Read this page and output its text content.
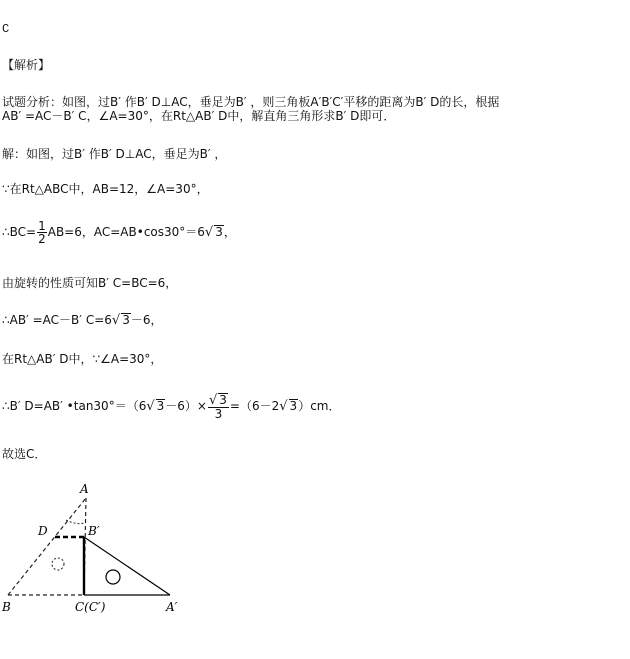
C
【解析】
试题分析：如图，过B′ 作B′ D⊥AC，垂足为B′ ，则三角板A′B′C′平移的距离为B′ D的长，根据
AB′ =AC－B′ C，∠A=30°，在Rt△AB′ D中，解直角三角形求B′ D即可．
解：如图，过B′ 作B′ D⊥AC，垂足为B′ ，
∵在Rt△ABC中，AB=12，∠A=30°，
∴BC= $\frac{1}{2} AB=6$，AC=AB•cos30°＝6√ 3，
由旋转的性质可知B′ C=BC=6，
∴AB′ =AC－B′ C=6√ 3－6，
在Rt△AB′ D中，∵∠A=30°，
∴B′ D=AB′ •tan30°＝（6√ $3-6)\times \frac{√ 3}{3} =(6-2√$ 3）cm．
故选C．
A
D	B′
B	C(C′)	A′
